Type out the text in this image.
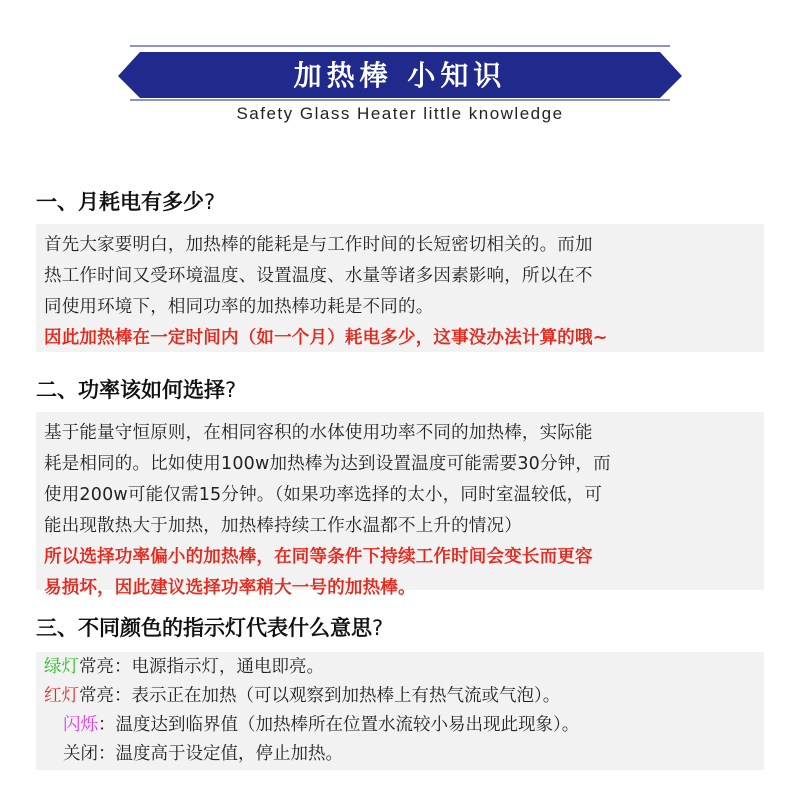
加热棒 小知识
Safety Glass Heater little knowledge
一、月耗电有多少?

首先大家要明白，加热棒的能耗是与工作时间的长短密切相关的。而加

热工作时间又受环境温度、设置温度、水量等诸多因素影响，所以在不

同使用环境下，相同功率的加热棒功耗是不同的。

因此加热棒在一定时间内（如一个月）耗电多少，这事没办法计算的哦~

二、功率该如何选择?

基于能量守恒原则，在相同容积的水体使用功率不同的加热棒，实际能

耗是相同的。比如使用100w加热棒为达到设置温度可能需要30分钟，而

使用200w可能仅需15分钟。（如果功率选择的太小，同时室温较低，可

能出现散热大于加热，加热棒持续工作水温都不上升的情况）

所以选择功率偏小的加热棒，在同等条件下持续工作时间会变长而更容

易损坏，因此建议选择功率稍大一号的加热棒。

三、不同颜色的指示灯代表什么意思?
绿灯常亮：电源指示灯，通电即亮。
红灯常亮：表示正在加热（可以观察到加热棒上有热气流或气泡）。
闪烁：温度达到临界值（加热棒所在位置水流较小易出现此现象）。
关闭：温度高于设定值，停止加热。
